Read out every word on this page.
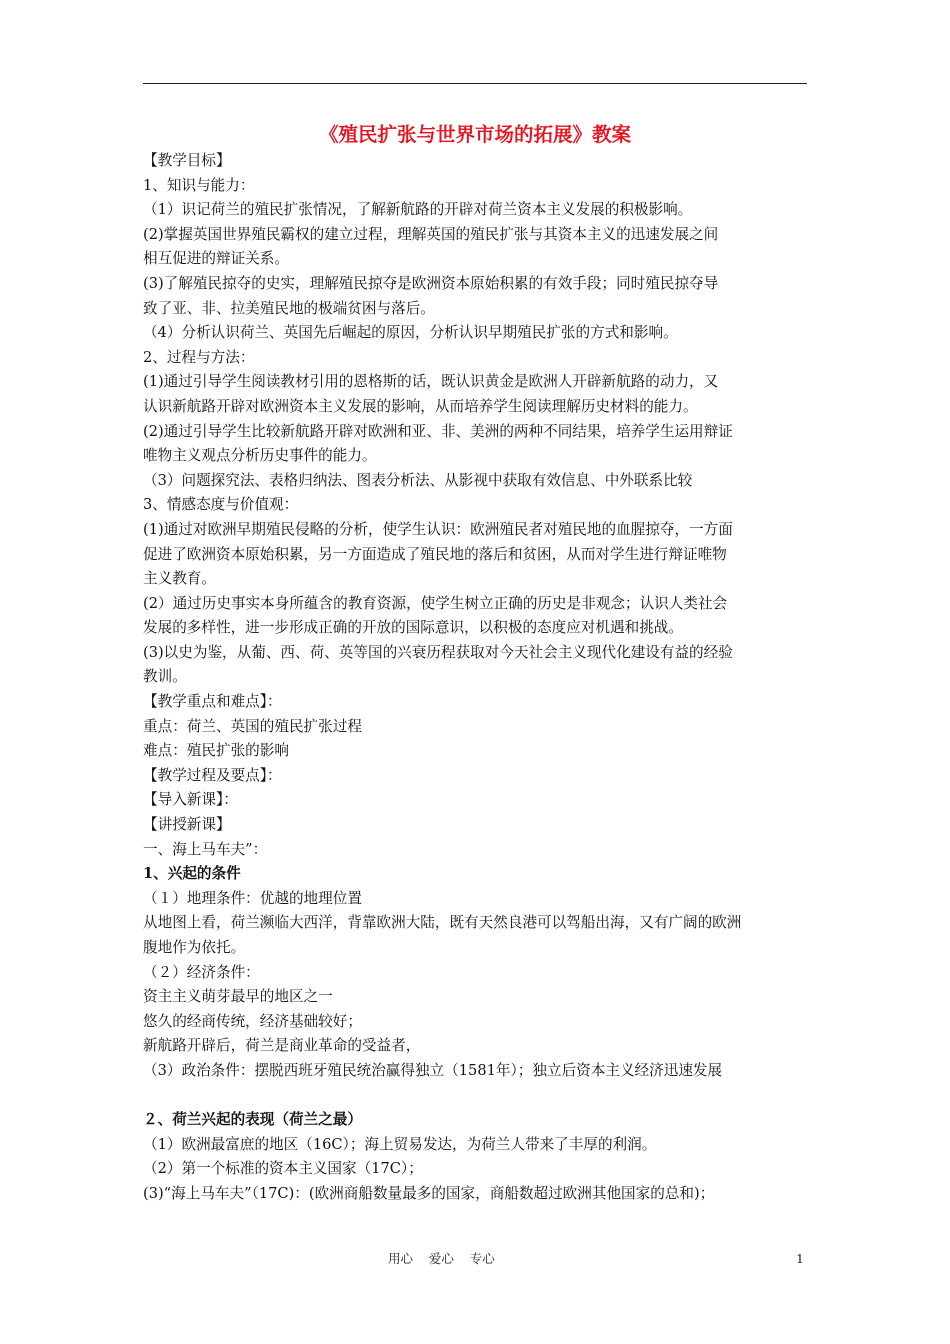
《殖民扩张与世界市场的拓展》教案
【教学目标】
1、知识与能力：
（1）识记荷兰的殖民扩张情况，了解新航路的开辟对荷兰资本主义发展的积极影响。
(2)掌握英国世界殖民霸权的建立过程，理解英国的殖民扩张与其资本主义的迅速发展之间
相互促进的辩证关系。
(3)了解殖民掠夺的史实，理解殖民掠夺是欧洲资本原始积累的有效手段；同时殖民掠夺导
致了亚、非、拉美殖民地的极端贫困与落后。
（4）分析认识荷兰、英国先后崛起的原因，分析认识早期殖民扩张的方式和影响。
2、过程与方法：
(1)通过引导学生阅读教材引用的恩格斯的话，既认识黄金是欧洲人开辟新航路的动力，又
认识新航路开辟对欧洲资本主义发展的影响，从而培养学生阅读理解历史材料的能力。
(2)通过引导学生比较新航路开辟对欧洲和亚、非、美洲的两种不同结果，培养学生运用辩证
唯物主义观点分析历史事件的能力。
（3）问题探究法、表格归纳法、图表分析法、从影视中获取有效信息、中外联系比较
3、情感态度与价值观：
(1)通过对欧洲早期殖民侵略的分析，使学生认识：欧洲殖民者对殖民地的血腥掠夺，一方面
促进了欧洲资本原始积累，另一方面造成了殖民地的落后和贫困，从而对学生进行辩证唯物
主义教育。
(2）通过历史事实本身所蕴含的教育资源，使学生树立正确的历史是非观念；认识人类社会
发展的多样性，进一步形成正确的开放的国际意识，以积极的态度应对机遇和挑战。
(3)以史为鉴，从葡、西、荷、英等国的兴衰历程获取对今天社会主义现代化建设有益的经验
教训。
【教学重点和难点】：
重点：荷兰、英国的殖民扩张过程
难点：殖民扩张的影响
【教学过程及要点】：
【导入新课】：
【讲授新课】
一、海上马车夫”：
1、兴起的条件
（１）地理条件：优越的地理位置
从地图上看，荷兰濒临大西洋，背靠欧洲大陆，既有天然良港可以驾船出海，又有广阔的欧洲
腹地作为依托。
（２）经济条件：
资主主义萌芽最早的地区之一
悠久的经商传统，经济基础较好；
新航路开辟后，荷兰是商业革命的受益者，
（3）政治条件：摆脱西班牙殖民统治赢得独立（1581年）；独立后资本主义经济迅速发展
２、荷兰兴起的表现（荷兰之最）
（1）欧洲最富庶的地区（16C）；海上贸易发达，为荷兰人带来了丰厚的利润。
（2）第一个标准的资本主义国家（17C）；
(3)“海上马车夫”（17C)：(欧洲商船数量最多的国家，商船数超过欧洲其他国家的总和)；
用心    爱心    专心	1
